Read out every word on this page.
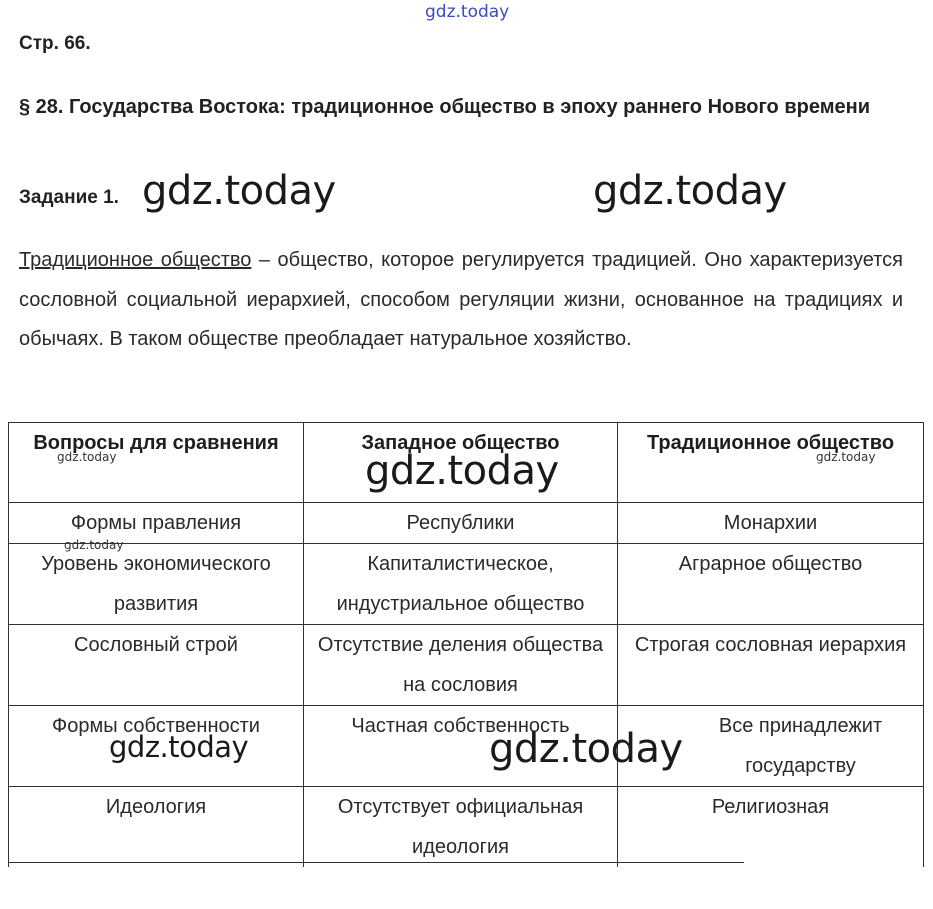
gdz.today
Стр. 66.
§ 28. Государства Востока: традиционное общество в эпоху раннего Нового времени
Задание 1. gdz.today	gdz.today
Традиционное общество – общество, которое регулируется традицией. Оно характеризуется сословной социальной иерархией, способом регуляции жизни, основанное на традициях и обычаях. В таком обществе преобладает натуральное хозяйство.
Вопросы для сравнения	Западное общество	Традиционное общество
Формы правления	Республики	Монархии
Уровень экономического развития	Капиталистическое, индустриальное общество	Аграрное общество
Сословный строй	Отсутствие деления общества на сословия	Строгая сословная иерархия
Формы собственности	Частная собственность	Все принадлежит государству
Идеология	Отсутствует официальная идеология	Религиозная
gdz.today	gdz.today
gdz.today
gdz.today
gdz.today	gdz.today
